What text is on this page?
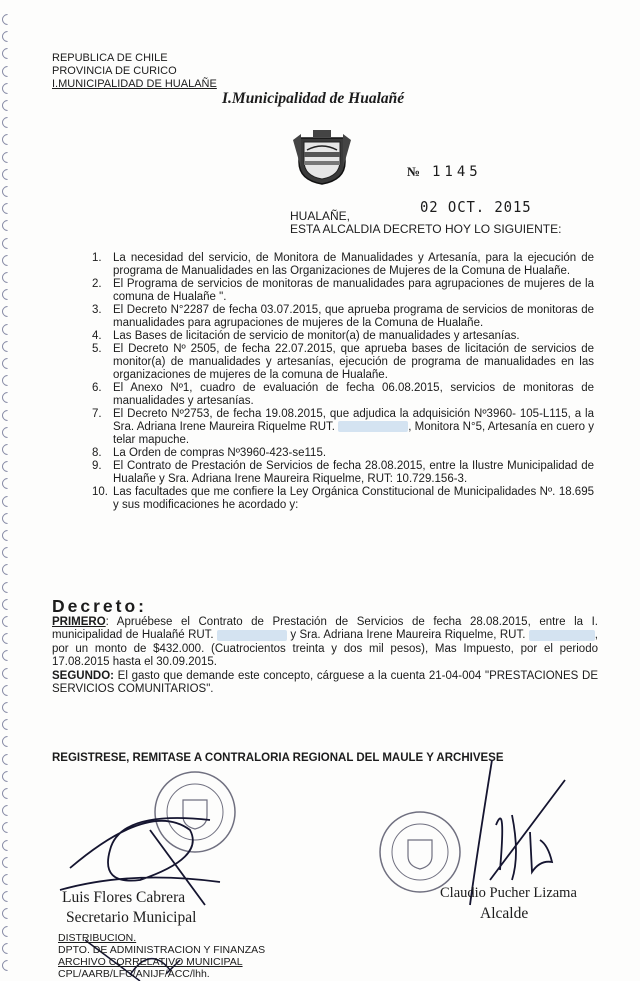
REPUBLICA DE CHILE
PROVINCIA DE CURICO
I.MUNICIPALIDAD DE HUALAÑE
I.Municipalidad de Hualañé
№ 1145
02 OCT. 2015
HUALAÑE,
ESTA ALCALDIA DECRETO HOY LO SIGUIENTE:
1. La necesidad del servicio, de Monitora de Manualidades y Artesanía, para la ejecución de programa de Manualidades en las Organizaciones de Mujeres de la Comuna de Hualañe.
2. El Programa de servicios de monitoras de manualidades para agrupaciones de mujeres de la comuna de Hualañe ".
3. El Decreto N°2287 de fecha 03.07.2015, que aprueba programa de servicios de monitoras de manualidades para agrupaciones de mujeres de la Comuna de Hualañe.
4. Las Bases de licitación de servicio de monitor(a) de manualidades y artesanías.
5. El Decreto Nº 2505, de fecha 22.07.2015, que aprueba bases de licitación de servicios de monitor(a) de manualidades y artesanías, ejecución de programa de manualidades en las organizaciones de mujeres de la comuna de Hualañe.
6. El Anexo Nº1, cuadro de evaluación de fecha 06.08.2015, servicios de monitoras de manualidades y artesanías.
7. El Decreto Nº2753, de fecha 19.08.2015, que adjudica la adquisición Nº3960- 105-L115, a la Sra. Adriana Irene Maureira Riquelme RUT.	, Monitora N°5, Artesanía en cuero y telar mapuche.
8. La Orden de compras Nº3960-423-se115.
9. El Contrato de Prestación de Servicios de fecha 28.08.2015, entre la Ilustre Municipalidad de Hualañe y Sra. Adriana Irene Maureira Riquelme, RUT: 10.729.156-3.
10. Las facultades que me confiere la Ley Orgánica Constitucional de Municipalidades Nº. 18.695 y sus modificaciones he acordado y:
Decreto:

PRIMERO: Apruébese el Contrato de Prestación de Servicios de fecha 28.08.2015, entre la I. municipalidad de Hualañé RUT.	y Sra. Adriana Irene Maureira Riquelme, RUT.	, por un monto de $432.000. (Cuatrocientos treinta y dos mil pesos), Mas Impuesto, por el periodo 17.08.2015 hasta el 30.09.2015.

SEGUNDO: El gasto que demande este concepto, cárguese a la cuenta 21-04-004 "PRESTACIONES DE SERVICIOS COMUNITARIOS".

REGISTRESE, REMITASE A CONTRALORIA REGIONAL DEL MAULE Y ARCHIVESE
Luis Flores Cabrera
Secretario Municipal
Claudio Pucher Lizama
Alcalde
DISTRIBUCION.
DPTO. DE ADMINISTRACION Y FINANZAS
ARCHIVO CORRELATIVO MUNICIPAL
CPL/AARB/LFC/ANIJF/ACC/lhh.
